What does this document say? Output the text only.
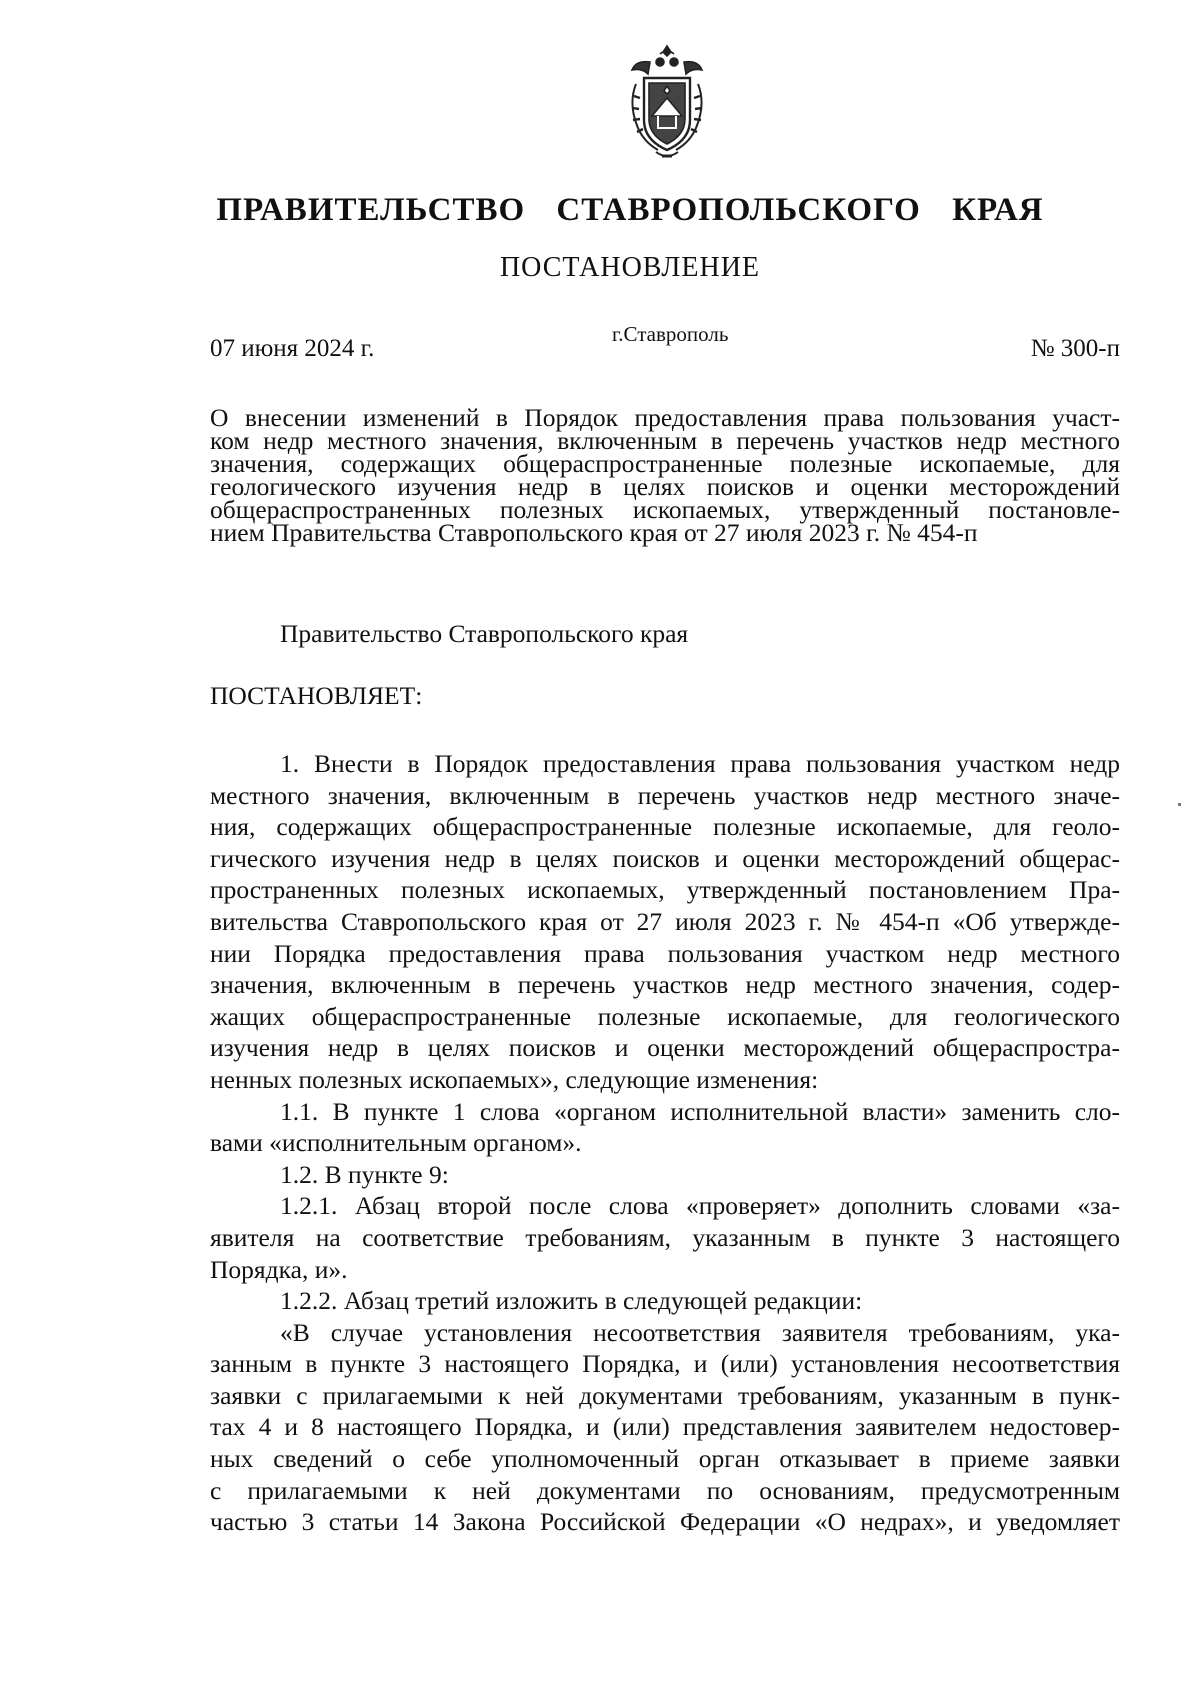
ПРАВИТЕЛЬСТВО СТАВРОПОЛЬСКОГО КРАЯ
ПОСТАНОВЛЕНИЕ
07 июня 2024 г.
г.Ставрополь
№ 300-п
О внесении изменений в Порядок предоставления права пользования участ-
ком недр местного значения, включенным в перечень участков недр местного
значения, содержащих общераспространенные полезные ископаемые, для
геологического изучения недр в целях поисков и оценки месторождений
общераспространенных полезных ископаемых, утвержденный постановле-
нием Правительства Ставропольского края от 27 июля 2023 г. № 454-п
Правительство Ставропольского края
ПОСТАНОВЛЯЕТ:
1. Внести в Порядок предоставления права пользования участком недр
местного значения, включенным в перечень участков недр местного значе-
ния, содержащих общераспространенные полезные ископаемые, для геоло-
гического изучения недр в целях поисков и оценки месторождений общерас-
пространенных полезных ископаемых, утвержденный постановлением Пра-
вительства Ставропольского края от 27 июля 2023 г. № 454-п «Об утвержде-
нии Порядка предоставления права пользования участком недр местного
значения, включенным в перечень участков недр местного значения, содер-
жащих общераспространенные полезные ископаемые, для геологического
изучения недр в целях поисков и оценки месторождений общераспростра-
ненных полезных ископаемых», следующие изменения:
1.1. В пункте 1 слова «органом исполнительной власти» заменить сло-
вами «исполнительным органом».
1.2. В пункте 9:
1.2.1. Абзац второй после слова «проверяет» дополнить словами «за-
явителя на соответствие требованиям, указанным в пункте 3 настоящего
Порядка, и».
1.2.2. Абзац третий изложить в следующей редакции:
«В случае установления несоответствия заявителя требованиям, ука-
занным в пункте 3 настоящего Порядка, и (или) установления несоответствия
заявки с прилагаемыми к ней документами требованиям, указанным в пунк-
тах 4 и 8 настоящего Порядка, и (или) представления заявителем недостовер-
ных сведений о себе уполномоченный орган отказывает в приеме заявки
с прилагаемыми к ней документами по основаниям, предусмотренным
частью 3 статьи 14 Закона Российской Федерации «О недрах», и уведомляет
